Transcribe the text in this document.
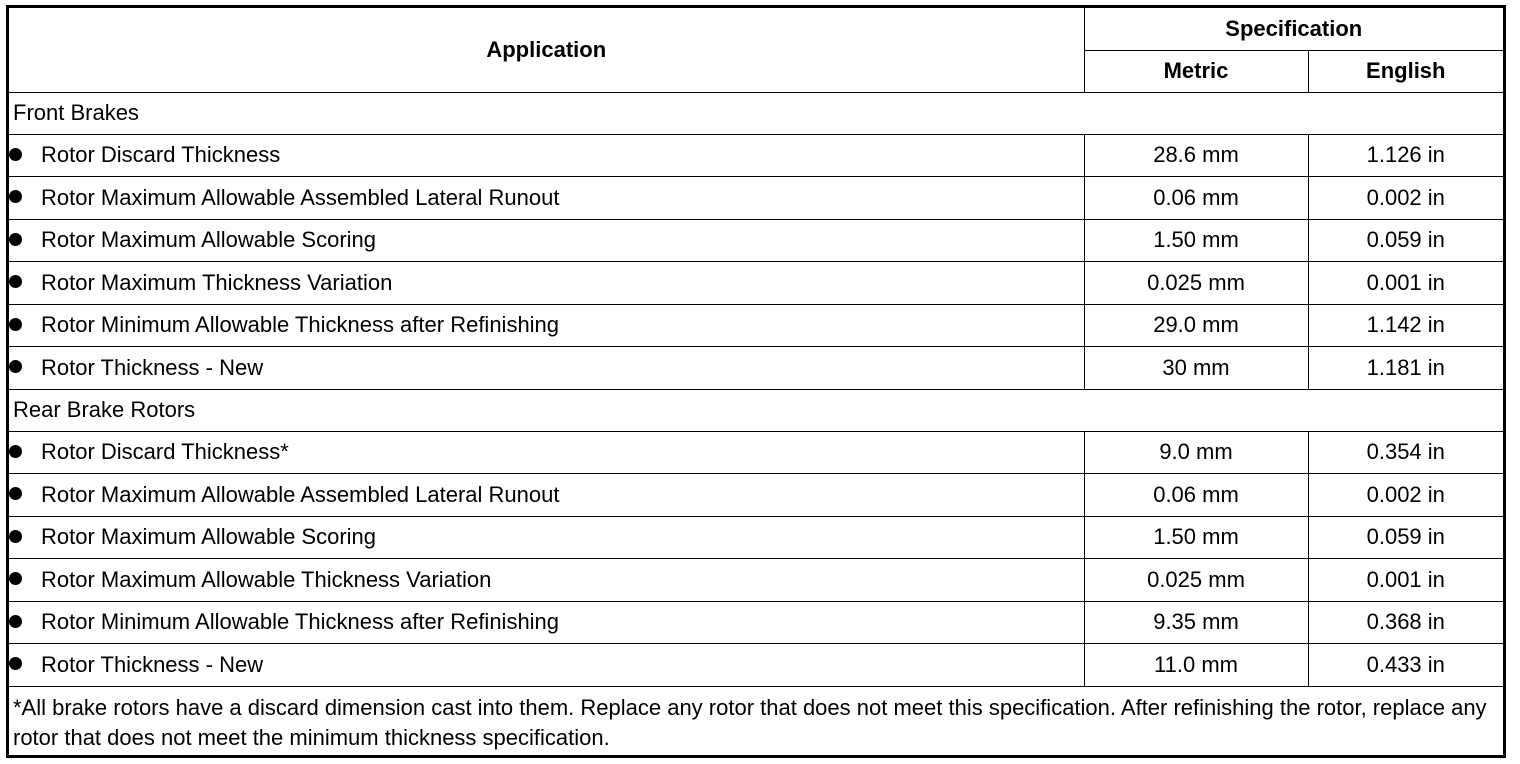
Application	Specification	
	Metric	English
Front Brakes		
Rotor Discard Thickness	28.6 mm	1.126 in
Rotor Maximum Allowable Assembled Lateral Runout	0.06 mm	0.002 in
Rotor Maximum Allowable Scoring	1.50 mm	0.059 in
Rotor Maximum Thickness Variation	0.025 mm	0.001 in
Rotor Minimum Allowable Thickness after Refinishing	29.0 mm	1.142 in
Rotor Thickness - New	30 mm	1.181 in
Rear Brake Rotors		
Rotor Discard Thickness*	9.0 mm	0.354 in
Rotor Maximum Allowable Assembled Lateral Runout	0.06 mm	0.002 in
Rotor Maximum Allowable Scoring	1.50 mm	0.059 in
Rotor Maximum Allowable Thickness Variation	0.025 mm	0.001 in
Rotor Minimum Allowable Thickness after Refinishing	9.35 mm	0.368 in
Rotor Thickness - New	11.0 mm	0.433 in
*All brake rotors have a discard dimension cast into them. Replace any rotor that does not meet this specification. After refinishing the rotor, replace any rotor that does not meet the minimum thickness specification.		
